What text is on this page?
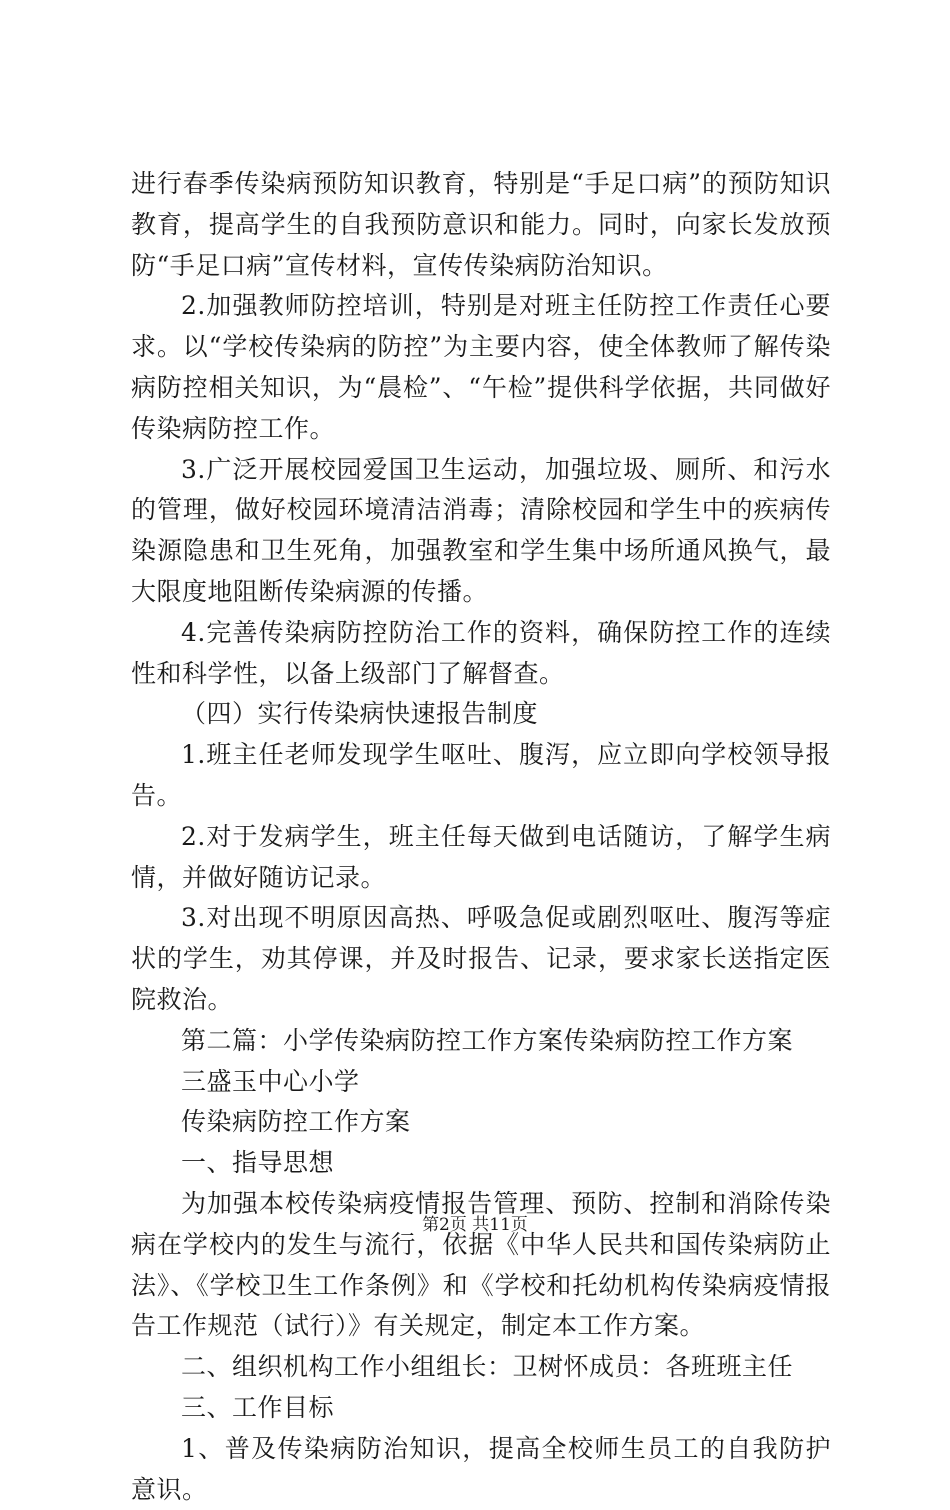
进行春季传染病预防知识教育，特别是“手足口病”的预防知识教育，提高学生的自我预防意识和能力。同时，向家长发放预防“手足口病”宣传材料，宣传传染病防治知识。

2.加强教师防控培训，特别是对班主任防控工作责任心要求。以“学校传染病的防控”为主要内容，使全体教师了解传染病防控相关知识，为“晨检”、“午检”提供科学依据，共同做好传染病防控工作。

3.广泛开展校园爱国卫生运动，加强垃圾、厕所、和污水的管理，做好校园环境清洁消毒；清除校园和学生中的疾病传染源隐患和卫生死角，加强教室和学生集中场所通风换气，最大限度地阻断传染病源的传播。

4.完善传染病防控防治工作的资料，确保防控工作的连续性和科学性，以备上级部门了解督查。

（四）实行传染病快速报告制度

1.班主任老师发现学生呕吐、腹泻，应立即向学校领导报告。

2.对于发病学生，班主任每天做到电话随访，了解学生病情，并做好随访记录。

3.对出现不明原因高热、呼吸急促或剧烈呕吐、腹泻等症状的学生，劝其停课，并及时报告、记录，要求家长送指定医院救治。

第二篇：小学传染病防控工作方案传染病防控工作方案

三盛玉中心小学

传染病防控工作方案

一、指导思想

为加强本校传染病疫情报告管理、预防、控制和消除传染病在学校内的发生与流行，依据《中华人民共和国传染病防止法》、《学校卫生工作条例》和《学校和托幼机构传染病疫情报告工作规范（试行）》有关规定，制定本工作方案。

二、组织机构工作小组组长：卫树怀成员：各班班主任

三、工作目标

1、普及传染病防治知识，提高全校师生员工的自我防护意识。

第2页 共11页
